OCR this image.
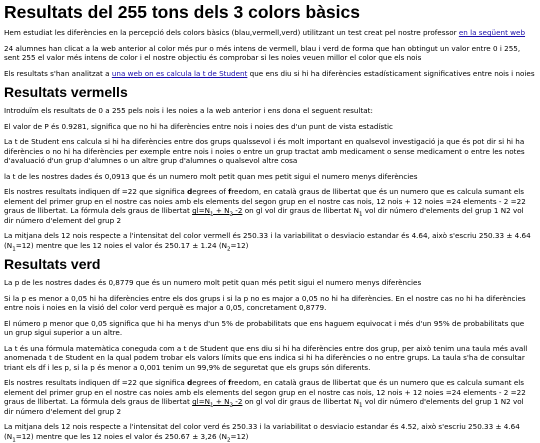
Resultats del 255 tons dels 3 colors bàsics

Hem estudiat les diferències en la percepció dels colors bàsics (blau,vermell,verd) utilitzant un test creat pel nostre professor en la següent web

24 alumnes han clicat a la web anterior al color més pur o més intens de vermell, blau i verd de forma que han obtingut un valor entre 0 i 255, sent 255 el valor més intens de color i el nostre objectiu és comprobar si les noies veuen millor el color que els nois

Els resultats s'han analitzat a una web on es calcula la t de Student que ens diu si hi ha diferències estadísticament significatives entre nois i noies

Resultats vermells

Introduïm els resultats de 0 a 255 pels nois i les noies a la web anterior i ens dona el seguent resultat:

El valor de P és 0.9281, significa que no hi ha diferències entre nois i noies des d'un punt de vista estadístic

La t de Student ens calcula si hi ha diferències entre dos grups qualssevol i és molt important en qualsevol investigació ja que és pot dir si hi ha diferències o no hi ha diferències per exemple entre nois i noies o entre un grup tractat amb medicament o sense medicament o entre les notes d'avaluació d'un grup d'alumnes o un altre grup d'alumnes o qualsevol altre cosa

la t de les nostres dades és 0,0913 que és un numero molt petit quan mes petit sigui el numero menys diferències

Els nostres resultats indiquen df =22 que significa degrees of freedom, en català graus de llibertat que és un numero que es calcula sumant els element del primer grup en el nostre cas noies amb els elements del segon grup en el nostre cas nois, 12 nois + 12 noies =24 elements - 2 =22 graus de llibertat. La fórmula dels graus de llibertat $gl=N_1 + N_2$ -2 on gl vol dir graus de llibertat $N_1$ vol dir número d'elements del grup 1 N2 vol dir número d'element del grup 2

La mitjana dels 12 nois respecte a l'intensitat del color vermell és 250.33 i la variabilitat o desviacio estandar és 4.64, això s'escriu 250.33 ± 4.64 $(N_1=12)$ mentre que les 12 noies el valor és 250.17 ± 1.24 $(N_2=12)$

Resultats verd

La p de les nostres dades és 0,8779 que és un numero molt petit quan més petit sigui el numero menys diferències

Si la p es menor a 0,05 hi ha diferències entre els dos grups i si la p no es major a 0,05 no hi ha diferències. En el nostre cas no hi ha diferències entre nois i noies en la visió del color verd perquè es major a 0,05, concretament 0,8779.

El número p menor que 0,05 significa que hi ha menys d'un 5% de probabilitats que ens haguem equivocat i més d'un 95% de probabilitats que un grup sigui superior a un altre.

La t és una fórmula matemàtica coneguda com a t de Student que ens diu si hi ha diferències entre dos grup, per això tenim una taula més avall anomenada t de Student en la qual podem trobar els valors límits que ens indica si hi ha diferències o no entre grups. La taula s'ha de consultar triant els df i les p, si la p és menor a 0,001 tenim un 99,9% de seguretat que els grups són diferents.

Els nostres resultats indiquen df =22 que significa degrees of freedom, en català graus de llibertat que és un numero que es calcula sumant els element del primer grup en el nostre cas noies amb els elements del segon grup en el nostre cas nois, 12 nois + 12 noies =24 elements - 2 =22 graus de llibertat. La fórmula dels graus de llibertat $gl=N_1 + N_2$ -2 on gl vol dir graus de llibertat $N_1$ vol dir número d'elements del grup 1 N2 vol dir número d'element del grup 2

La mitjana dels 12 nois respecte a l'intensitat del color verd és 250.33 i la variabilitat o desviacio estandar és 4.52, això s'escriu 250.33 ± 4.64 $(N_1=12)$ mentre que les 12 noies el valor és 250.67 ± 3,26 $(N_2=12)$
